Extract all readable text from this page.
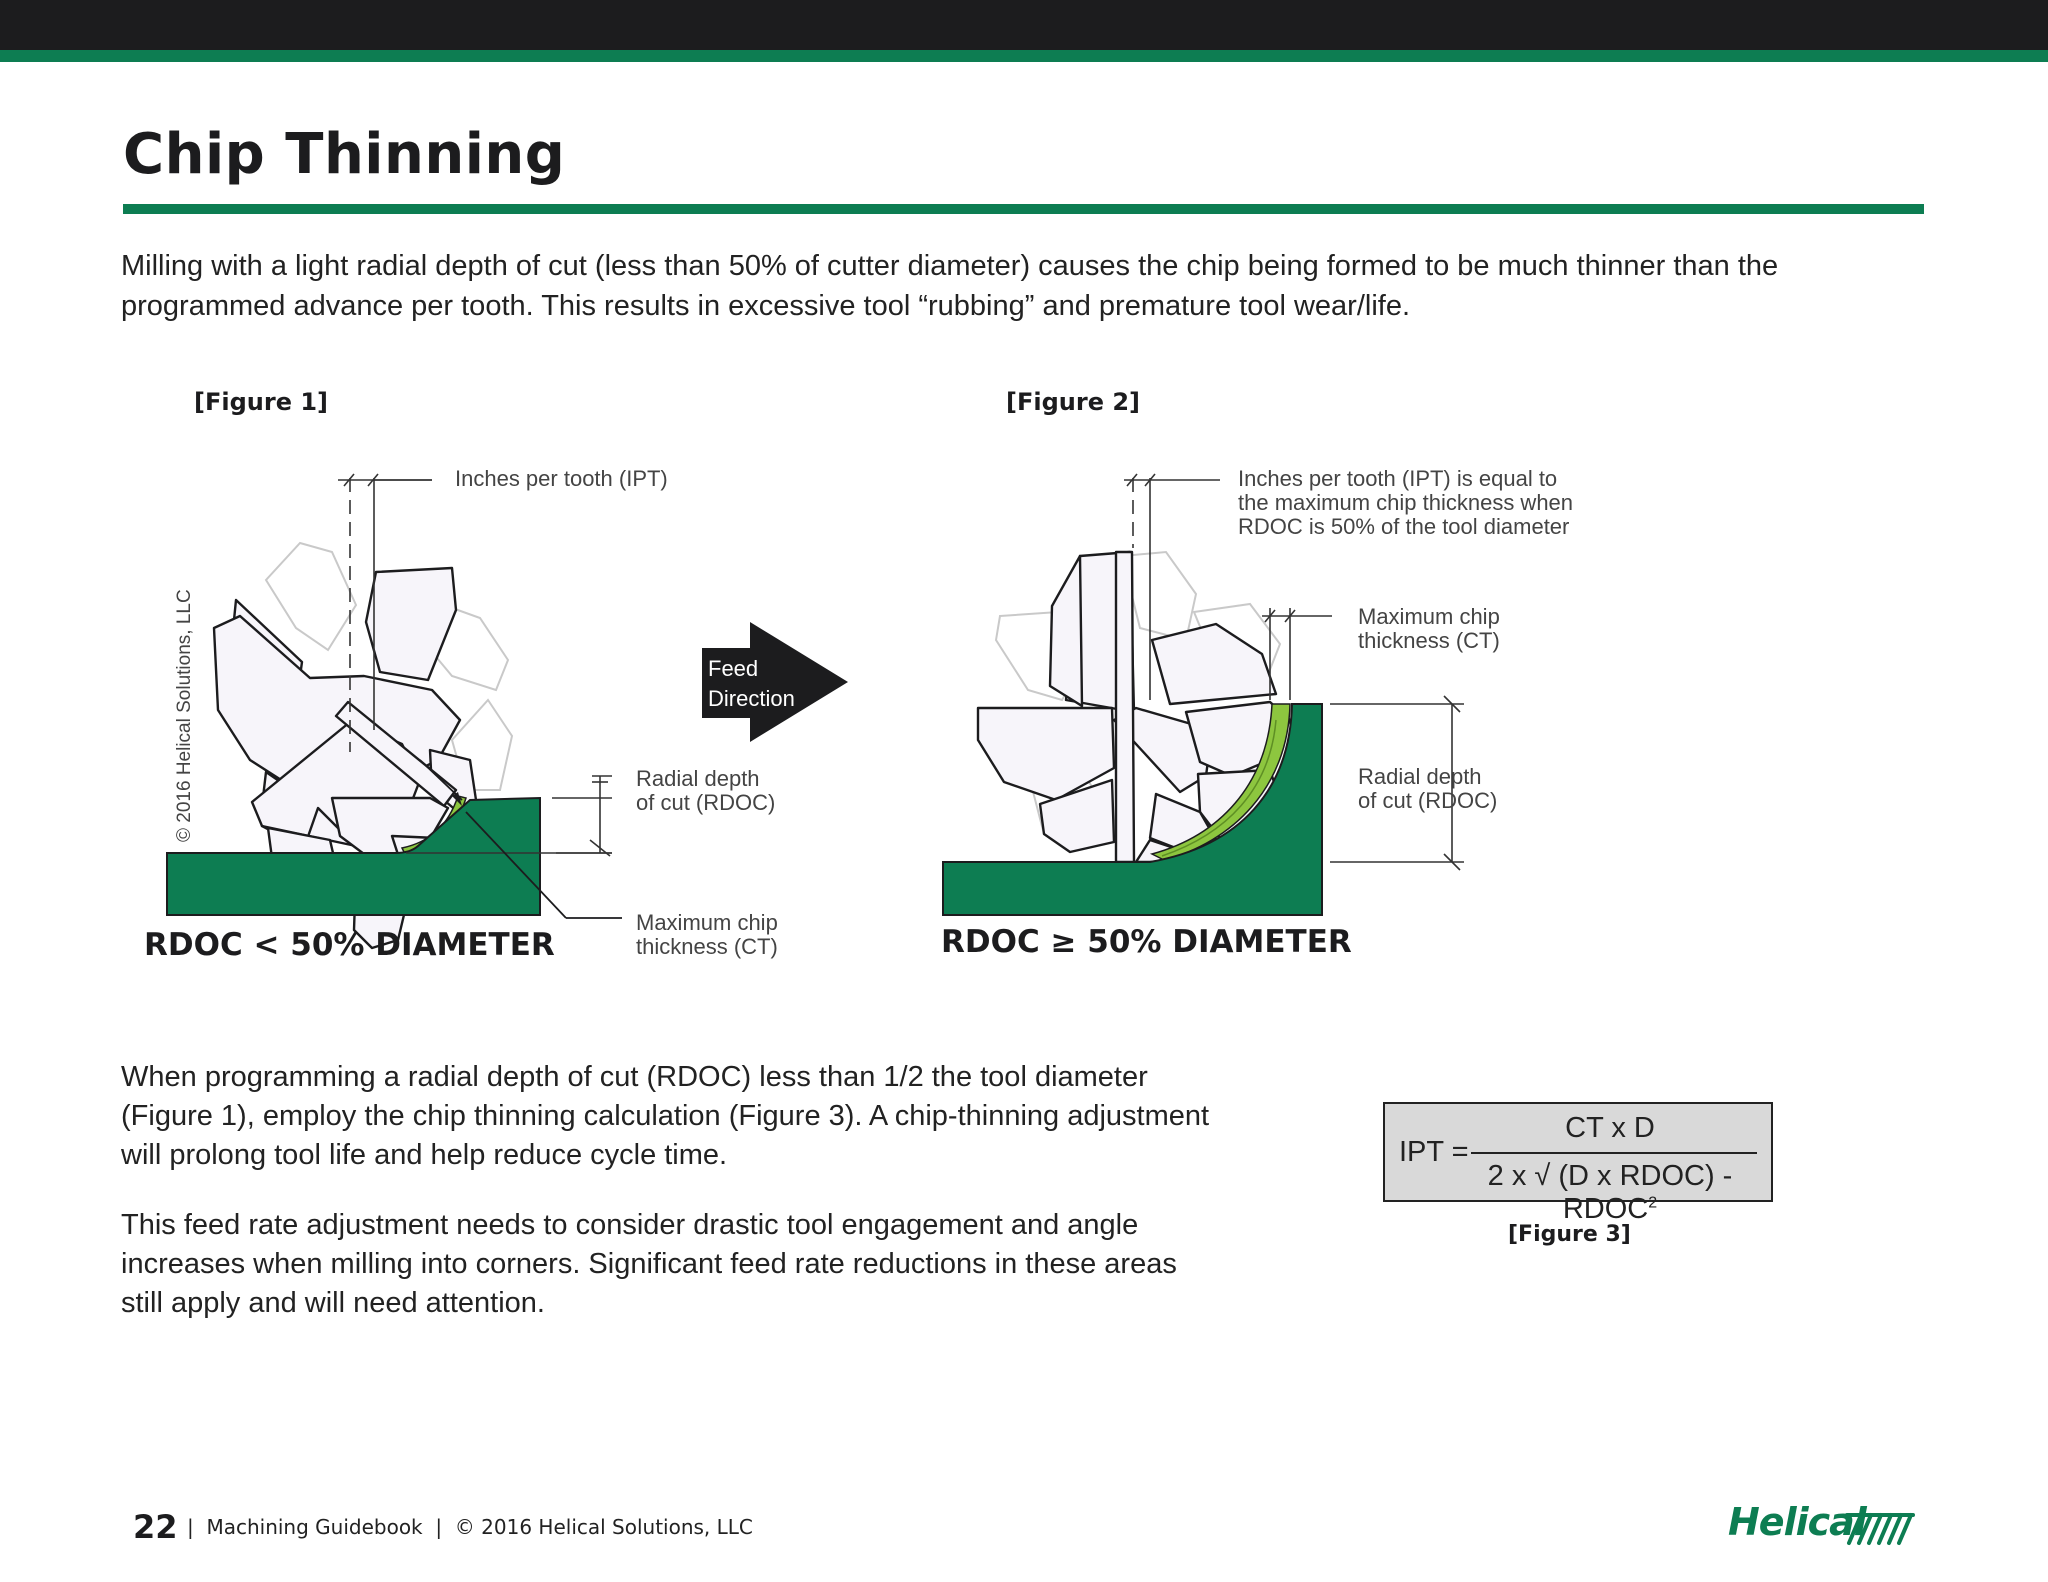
Chip Thinning

Milling with a light radial depth of cut (less than 50% of cutter diameter) causes the chip being formed to be much thinner than the programmed advance per tooth. This results in excessive tool “rubbing” and premature tool wear/life.

[Figure 1]	[Figure 2]
Inches per tooth (IPT)
Radial depth
of cut (RDOC)
Maximum chip
thickness (CT)
RDOC < 50% DIAMETER
© 2016 Helical Solutions, LLC	Feed
Direction
Inches per tooth (IPT) is equal to
the maximum chip thickness when
RDOC is 50% of the tool diameter
Maximum chip
thickness (CT)
Radial depth
of cut (RDOC)
RDOC ≥ 50% DIAMETER

When programming a radial depth of cut (RDOC) less than 1/2 the tool diameter (Figure 1), employ the chip thinning calculation (Figure 3). A chip-thinning adjustment will prolong tool life and help reduce cycle time.

This feed rate adjustment needs to consider drastic tool engagement and angle increases when milling into corners. Significant feed rate reductions in these areas still apply and will need attention.

IPT =
CT x D
2 x √ (D x RDOC) - RDOC$^2$
[Figure 3]
22 |  Machining Guidebook  |  © 2016 Helical Solutions, LLC	Helical
